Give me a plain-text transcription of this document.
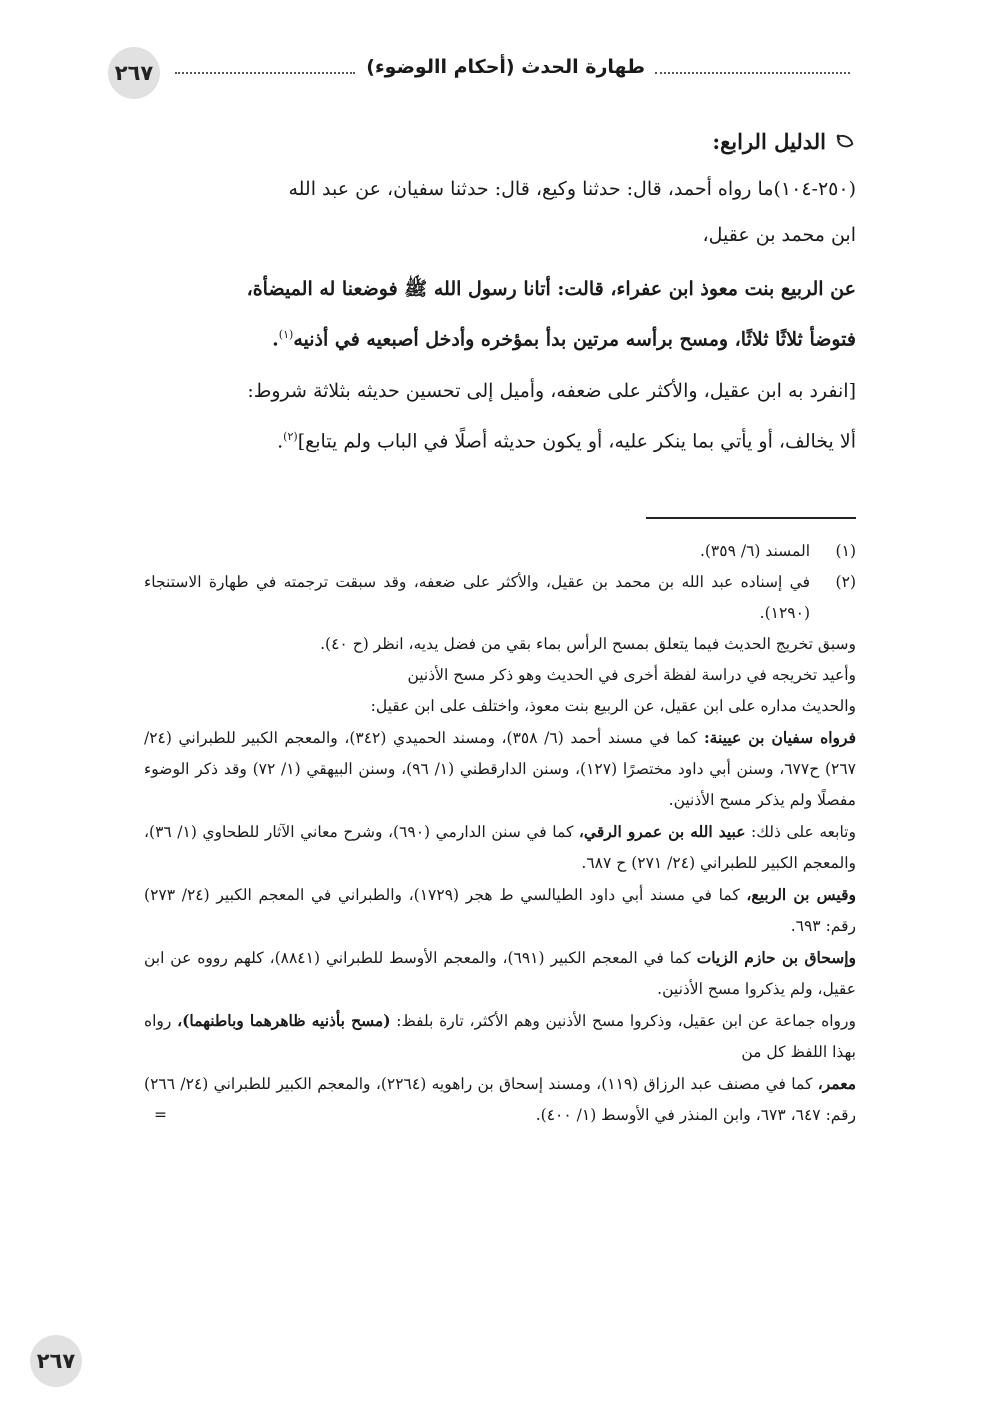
طهارة الحدث (أحكام االوضوء)
٢٦٧
الدليل الرابع:

(٢٥٠-١٠٤)ما رواه أحمد، قال: حدثنا وكيع، قال: حدثنا سفيان، عن عبد الله

ابن محمد بن عقيل،

عن الربيع بنت معوذ ابن عفراء، قالت: أتانا رسول الله ﷺ فوضعنا له الميضأة،

فتوضأ ثلاثًا ثلاثًا، ومسح برأسه مرتين بدأ بمؤخره وأدخل أصبعيه في أذنيه$^{(١)}$.

[انفرد به ابن عقيل، والأكثر على ضعفه، وأميل إلى تحسين حديثه بثلاثة شروط:

ألا يخالف، أو يأتي بما ينكر عليه، أو يكون حديثه أصلًا في الباب ولم يتابع]$^{(٢)}$.

(١)
المسند (٦/ ٣٥٩).
(٢)
في إسناده عبد الله بن محمد بن عقيل، والأكثر على ضعفه، وقد سبقت ترجمته في طهارة الاستنجاء (١٢٩٠).

وسبق تخريج الحديث فيما يتعلق بمسح الرأس بماء بقي من فضل يديه، انظر (ح ٤٠).

وأعيد تخريجه في دراسة لفظة أخرى في الحديث وهو ذكر مسح الأذنين

والحديث مداره على ابن عقيل، عن الربيع بنت معوذ، واختلف على ابن عقيل:

فرواه سفيان بن عيينة: كما في مسند أحمد (٦/ ٣٥٨)، ومسند الحميدي (٣٤٢)، والمعجم الكبير للطبراني (٢٤/ ٢٦٧) ح٦٧٧، وسنن أبي داود مختصرًا (١٢٧)، وسنن الدارقطني (١/ ٩٦)، وسنن البيهقي (١/ ٧٢) وقد ذكر الوضوء مفصلًا ولم يذكر مسح الأذنين.

وتابعه على ذلك: عبيد الله بن عمرو الرقي، كما في سنن الدارمي (٦٩٠)، وشرح معاني الآثار للطحاوي (١/ ٣٦)، والمعجم الكبير للطبراني (٢٤/ ٢٧١) ح ٦٨٧.

وقيس بن الربيع، كما في مسند أبي داود الطيالسي ط هجر (١٧٢٩)، والطبراني في المعجم الكبير (٢٤/ ٢٧٣) رقم: ٦٩٣.

وإسحاق بن حازم الزيات كما في المعجم الكبير (٦٩١)، والمعجم الأوسط للطبراني (٨٨٤١)، كلهم رووه عن ابن عقيل، ولم يذكروا مسح الأذنين.

ورواه جماعة عن ابن عقيل، وذكروا مسح الأذنين وهم الأكثر، تارة بلفظ: (مسح بأذنيه ظاهرهما وباطنهما)، رواه بهذا اللفظ كل من

معمر، كما في مصنف عبد الرزاق (١١٩)، ومسند إسحاق بن راهويه (٢٢٦٤)، والمعجم الكبير للطبراني (٢٤/ ٢٦٦) رقم: ٦٤٧، ٦٧٣، وابن المنذر في الأوسط (١/ ٤٠٠).
=

٢٦٧
